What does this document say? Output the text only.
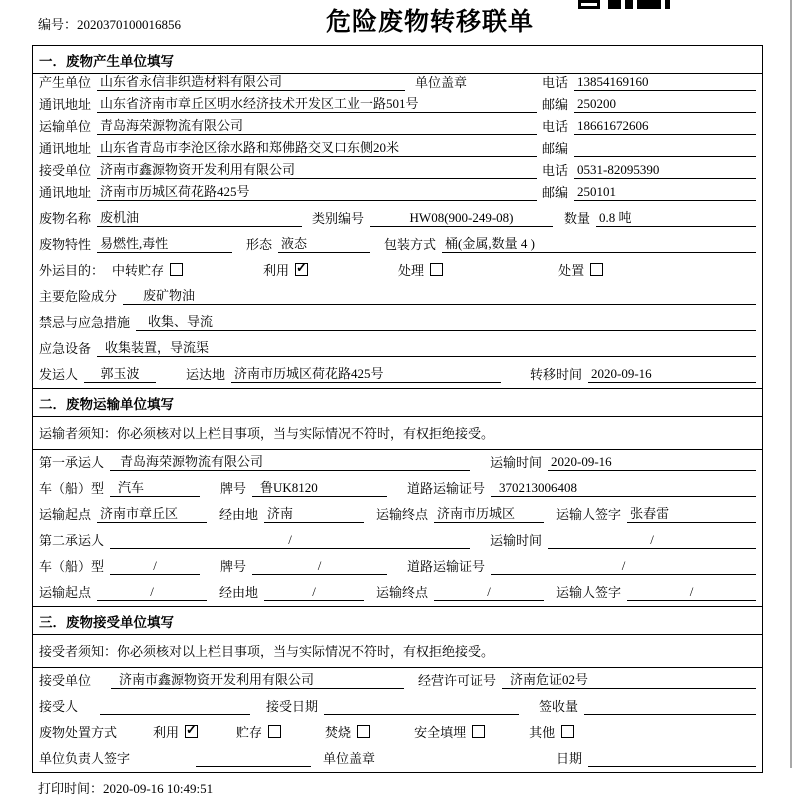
编号：2020370100016856	危险废物转移联单
一．废物产生单位填写
产生单位 山东省永信非织造材料有限公司	单位盖章	电话 13854169160
通讯地址 山东省济南市章丘区明水经济技术开发区工业一路501号	邮编 250200
运输单位 青岛海荣源物流有限公司	电话 18661672606
通讯地址 山东省青岛市李沧区徐水路和郑佛路交叉口东侧20米	邮编
接受单位 济南市鑫源物资开发利用有限公司	电话 0531-82095390
通讯地址 济南市历城区荷花路425号	邮编 250101
废物名称 废机油	类别编号	HW08(900-249-08)	数量 0.8 吨
废物特性 易燃性,毒性	形态 液态	包装方式 桶(金属,数量 4 )
外运目的： 中转贮存	利用 ✓	处理	处置
主要危险成分	废矿物油
禁忌与应急措施	收集、导流
应急设备	收集装置，导流渠
发运人	郭玉波	运达地 济南市历城区荷花路425号	转移时间 2020-09-16
二．废物运输单位填写
运输者须知：你必须核对以上栏目事项，当与实际情况不符时，有权拒绝接受。
第一承运人	青岛海荣源物流有限公司	运输时间 2020-09-16
车（船）型	汽车	牌号	鲁UK8120	道路运输证号	370213006408
运输起点 济南市章丘区	经由地 济南	运输终点 济南市历城区	运输人签字 张春雷
第二承运人	/	运输时间	/
车（船）型	/	牌号	/	道路运输证号	/
运输起点	/	经由地	/	运输终点	/	运输人签字	/
三．废物接受单位填写
接受者须知：你必须核对以上栏目事项，当与实际情况不符时，有权拒绝接受。
接受单位	济南市鑫源物资开发利用有限公司	经营许可证号	济南危证02号
接受人	接受日期	签收量
废物处置方式	利用 ✓	贮存	焚烧	安全填埋	其他
单位负责人签字	单位盖章	日期
打印时间：2020-09-16 10:49:51
